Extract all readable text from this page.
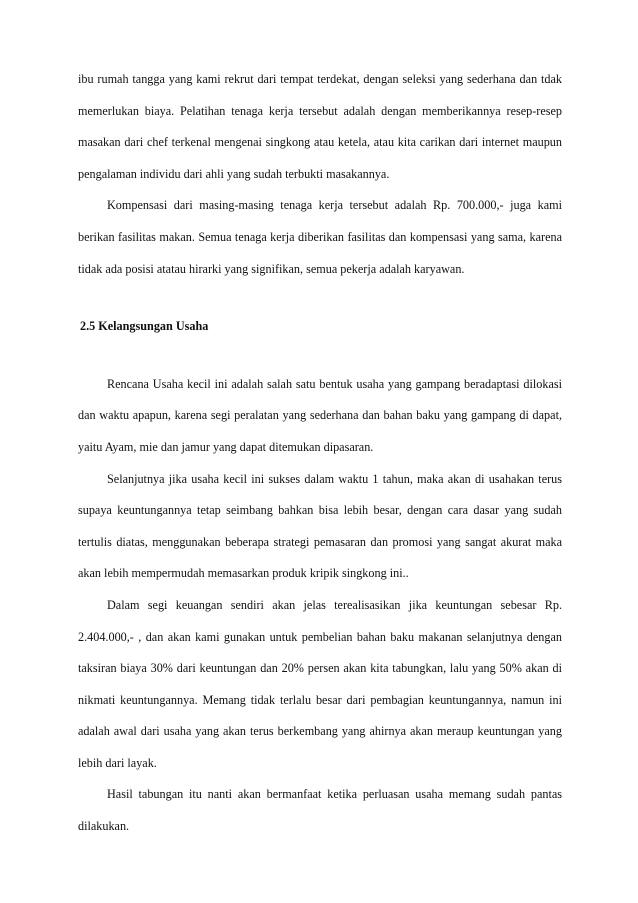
ibu rumah tangga yang kami rekrut dari tempat terdekat, dengan seleksi yang sederhana dan tdak memerlukan biaya. Pelatihan tenaga kerja tersebut adalah dengan memberikannya resep-resep masakan dari chef terkenal mengenai singkong atau ketela, atau kita carikan dari internet maupun pengalaman individu dari ahli yang sudah terbukti masakannya.

Kompensasi dari masing-masing tenaga kerja tersebut adalah Rp. 700.000,- juga kami berikan fasilitas makan. Semua tenaga kerja diberikan fasilitas dan kompensasi yang sama, karena tidak ada posisi atatau hirarki yang signifikan, semua pekerja adalah karyawan.

2.5 Kelangsungan Usaha

Rencana Usaha kecil ini adalah salah satu bentuk usaha yang gampang beradaptasi dilokasi dan waktu apapun, karena segi peralatan yang sederhana dan bahan baku yang gampang di dapat, yaitu Ayam, mie dan jamur yang dapat ditemukan dipasaran.

Selanjutnya jika usaha kecil ini sukses dalam waktu 1 tahun, maka akan di usahakan terus supaya keuntungannya tetap seimbang bahkan bisa lebih besar, dengan cara dasar yang sudah tertulis diatas, menggunakan beberapa strategi pemasaran dan promosi yang sangat akurat maka akan lebih mempermudah memasarkan produk kripik singkong ini..

Dalam segi keuangan sendiri akan jelas terealisasikan jika keuntungan sebesar Rp. 2.404.000,- , dan akan kami gunakan untuk pembelian bahan baku makanan selanjutnya dengan taksiran biaya 30% dari keuntungan dan 20% persen akan kita tabungkan, lalu yang 50% akan di nikmati keuntungannya. Memang tidak terlalu besar dari pembagian keuntungannya, namun ini adalah awal dari usaha yang akan terus berkembang yang ahirnya akan meraup keuntungan yang lebih dari layak.

Hasil tabungan itu nanti akan bermanfaat ketika perluasan usaha memang sudah pantas dilakukan.
